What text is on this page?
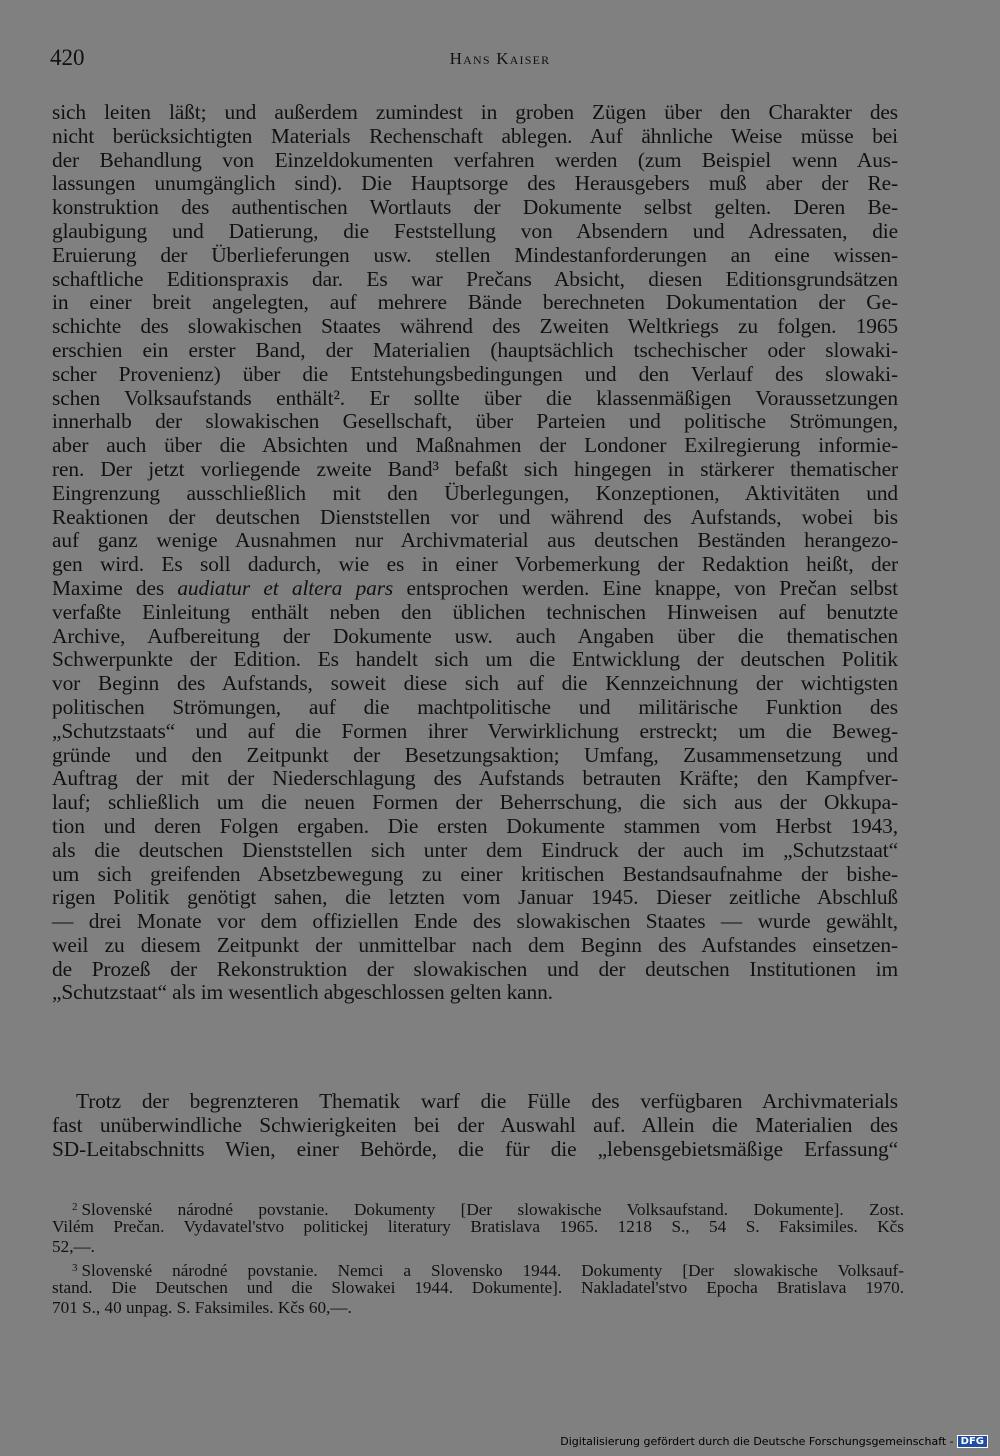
420	Hans Kaiser
sich leiten läßt; und außerdem zumindest in groben Zügen über den Charakter des
nicht berücksichtigten Materials Rechenschaft ablegen. Auf ähnliche Weise müsse bei
der Behandlung von Einzeldokumenten verfahren werden (zum Beispiel wenn Aus-
lassungen unumgänglich sind). Die Hauptsorge des Herausgebers muß aber der Re-
konstruktion des authentischen Wortlauts der Dokumente selbst gelten. Deren Be-
glaubigung und Datierung, die Feststellung von Absendern und Adressaten, die
Eruierung der Überlieferungen usw. stellen Mindestanforderungen an eine wissen-
schaftliche Editionspraxis dar. Es war Prečans Absicht, diesen Editionsgrundsätzen
in einer breit angelegten, auf mehrere Bände berechneten Dokumentation der Ge-
schichte des slowakischen Staates während des Zweiten Weltkriegs zu folgen. 1965
erschien ein erster Band, der Materialien (hauptsächlich tschechischer oder slowaki-
scher Provenienz) über die Entstehungsbedingungen und den Verlauf des slowaki-
schen Volksaufstands enthält². Er sollte über die klassenmäßigen Voraussetzungen
innerhalb der slowakischen Gesellschaft, über Parteien und politische Strömungen,
aber auch über die Absichten und Maßnahmen der Londoner Exilregierung informie-
ren. Der jetzt vorliegende zweite Band³ befaßt sich hingegen in stärkerer thematischer
Eingrenzung ausschließlich mit den Überlegungen, Konzeptionen, Aktivitäten und
Reaktionen der deutschen Dienststellen vor und während des Aufstands, wobei bis
auf ganz wenige Ausnahmen nur Archivmaterial aus deutschen Beständen herangezo-
gen wird. Es soll dadurch, wie es in einer Vorbemerkung der Redaktion heißt, der
Maxime des audiatur et altera pars entsprochen werden. Eine knappe, von Prečan selbst
verfaßte Einleitung enthält neben den üblichen technischen Hinweisen auf benutzte
Archive, Aufbereitung der Dokumente usw. auch Angaben über die thematischen
Schwerpunkte der Edition. Es handelt sich um die Entwicklung der deutschen Politik
vor Beginn des Aufstands, soweit diese sich auf die Kennzeichnung der wichtigsten
politischen Strömungen, auf die machtpolitische und militärische Funktion des
„Schutzstaats“ und auf die Formen ihrer Verwirklichung erstreckt; um die Beweg-
gründe und den Zeitpunkt der Besetzungsaktion; Umfang, Zusammensetzung und
Auftrag der mit der Niederschlagung des Aufstands betrauten Kräfte; den Kampfver-
lauf; schließlich um die neuen Formen der Beherrschung, die sich aus der Okkupa-
tion und deren Folgen ergaben. Die ersten Dokumente stammen vom Herbst 1943,
als die deutschen Dienststellen sich unter dem Eindruck der auch im „Schutzstaat“
um sich greifenden Absetzbewegung zu einer kritischen Bestandsaufnahme der bishe-
rigen Politik genötigt sahen, die letzten vom Januar 1945. Dieser zeitliche Abschluß
— drei Monate vor dem offiziellen Ende des slowakischen Staates — wurde gewählt,
weil zu diesem Zeitpunkt der unmittelbar nach dem Beginn des Aufstandes einsetzen-
de Prozeß der Rekonstruktion der slowakischen und der deutschen Institutionen im
„Schutzstaat“ als im wesentlich abgeschlossen gelten kann.
Trotz der begrenzteren Thematik warf die Fülle des verfügbaren Archivmaterials
fast unüberwindliche Schwierigkeiten bei der Auswahl auf. Allein die Materialien des
SD-Leitabschnitts Wien, einer Behörde, die für die „lebensgebietsmäßige Erfassung“
$^2$ Slovenské národné povstanie. Dokumenty [Der slowakische Volksaufstand. Dokumente]. Zost.
Vilém Prečan. Vydavatel'stvo politickej literatury Bratislava 1965. 1218 S., 54 S. Faksimiles. Kčs
52,—.
$^3$ Slovenské národné povstanie. Nemci a Slovensko 1944. Dokumenty [Der slowakische Volksauf-
stand. Die Deutschen und die Slowakei 1944. Dokumente]. Nakladatel'stvo Epocha Bratislava 1970.
701 S., 40 unpag. S. Faksimiles. Kčs 60,—.
Digitalisierung gefördert durch die Deutsche Forschungsgemeinschaft - DFG
